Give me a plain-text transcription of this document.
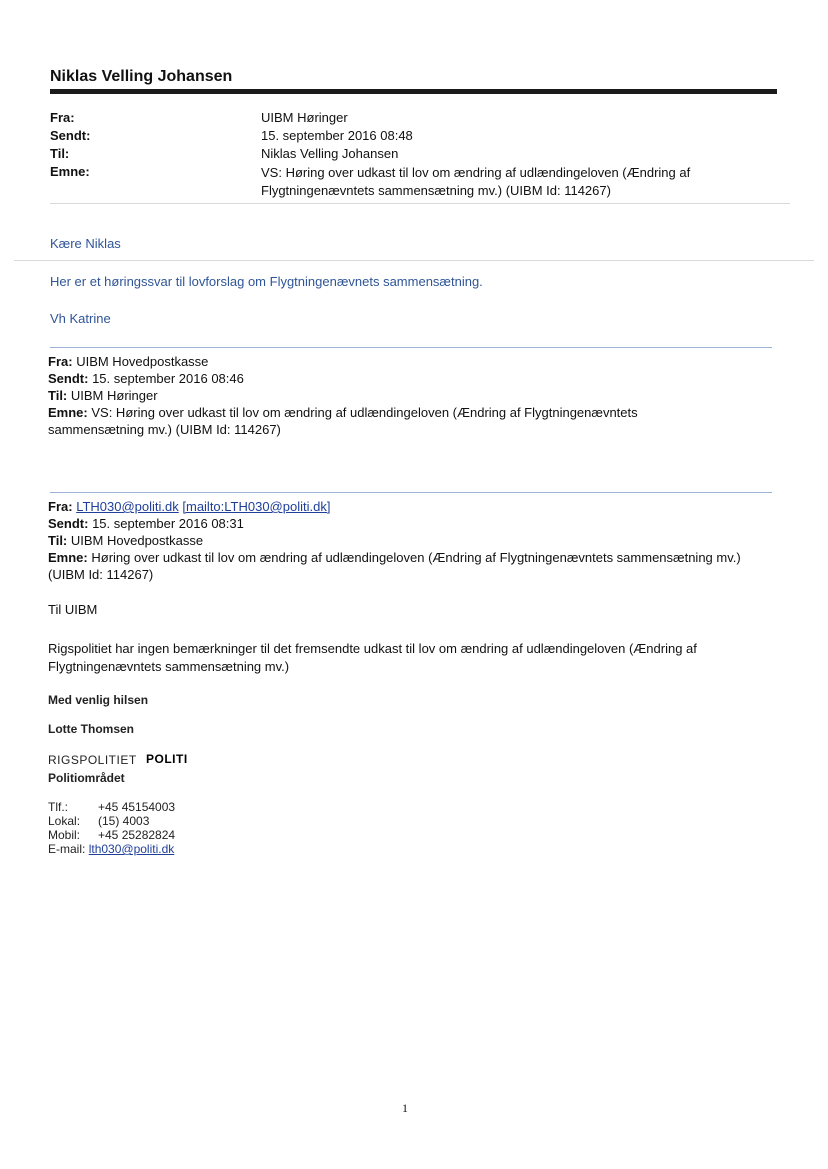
Niklas Velling Johansen
Fra:	UIBM Høringer
Sendt:	15. september 2016 08:48
Til:	Niklas Velling Johansen
Emne:	VS: Høring over udkast til lov om ændring af udlændingeloven (Ændring af Flygtningenævntets sammensætning mv.) (UIBM Id: 114267)
Kære Niklas
Her er et høringssvar til lovforslag om Flygtningenævnets sammensætning.
Vh Katrine
Fra: UIBM Hovedpostkasse
Sendt: 15. september 2016 08:46
Til: UIBM Høringer
Emne: VS: Høring over udkast til lov om ændring af udlændingeloven (Ændring af Flygtningenævntets sammensætning mv.) (UIBM Id: 114267)
Fra: LTH030@politi.dk [mailto:LTH030@politi.dk]
Sendt: 15. september 2016 08:31
Til: UIBM Hovedpostkasse
Emne: Høring over udkast til lov om ændring af udlændingeloven (Ændring af Flygtningenævntets sammensætning mv.) (UIBM Id: 114267)
Til UIBM
Rigspolitiet har ingen bemærkninger til det fremsendte udkast til lov om ændring af udlændingeloven (Ændring af Flygtningenævntets sammensætning mv.)
Med venlig hilsen
Lotte Thomsen
RIGSPOLITIET POLITI
Politiområdet
Tlf.:	+45 45154003
Lokal: (15) 4003
Mobil: +45 25282824
E-mail: lth030@politi.dk
1
